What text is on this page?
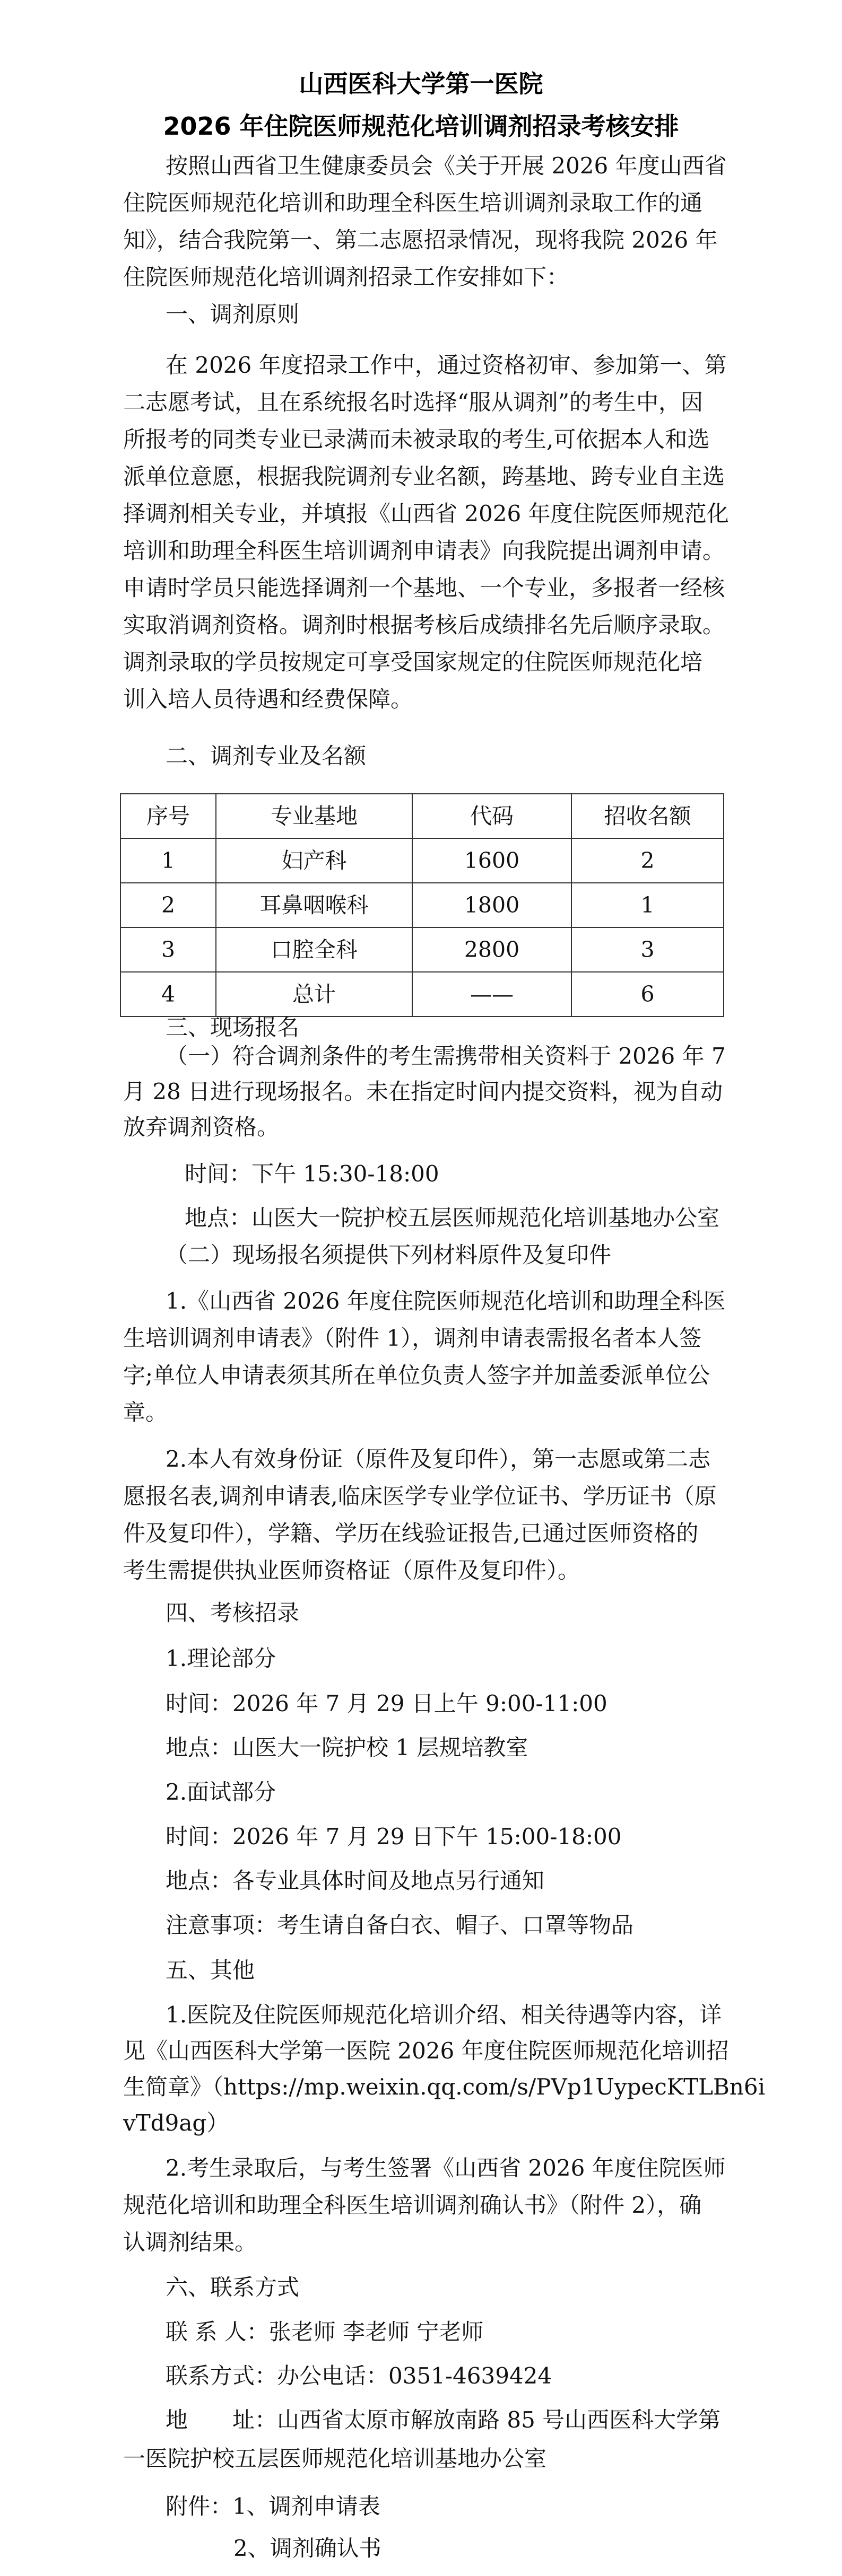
山西医科大学第一医院
2026 年住院医师规范化培训调剂招录考核安排
按照山西省卫生健康委员会《关于开展 2026 年度山西省
住院医师规范化培训和助理全科医生培训调剂录取工作的通
知》，结合我院第一、第二志愿招录情况，现将我院 2026 年
住院医师规范化培训调剂招录工作安排如下：
一、调剂原则
在 2026 年度招录工作中，通过资格初审、参加第一、第
二志愿考试，且在系统报名时选择“服从调剂”的考生中，因
所报考的同类专业已录满而未被录取的考生,可依据本人和选
派单位意愿，根据我院调剂专业名额，跨基地、跨专业自主选
择调剂相关专业，并填报《山西省 2026 年度住院医师规范化
培训和助理全科医生培训调剂申请表》向我院提出调剂申请。
申请时学员只能选择调剂一个基地、一个专业，多报者一经核
实取消调剂资格。调剂时根据考核后成绩排名先后顺序录取。
调剂录取的学员按规定可享受国家规定的住院医师规范化培
训入培人员待遇和经费保障。
二、调剂专业及名额
序号	专业基地	代码	招收名额
1	妇产科	1600	2
2	耳鼻咽喉科	1800	1
3	口腔全科	2800	3
4	总计	——	6
三、现场报名
（一）符合调剂条件的考生需携带相关资料于 2026 年 7
月 28 日进行现场报名。未在指定时间内提交资料，视为自动
放弃调剂资格。
时间：下午 15:30-18:00
地点：山医大一院护校五层医师规范化培训基地办公室
（二）现场报名须提供下列材料原件及复印件
1.《山西省 2026 年度住院医师规范化培训和助理全科医
生培训调剂申请表》（附件 1），调剂申请表需报名者本人签
字;单位人申请表须其所在单位负责人签字并加盖委派单位公
章。
2.本人有效身份证（原件及复印件），第一志愿或第二志
愿报名表,调剂申请表,临床医学专业学位证书、学历证书（原
件及复印件），学籍、学历在线验证报告,已通过医师资格的
考生需提供执业医师资格证（原件及复印件）。
四、考核招录
1.理论部分
时间：2026 年 7 月 29 日上午 9:00-11:00
地点：山医大一院护校 1 层规培教室
2.面试部分
时间：2026 年 7 月 29 日下午 15:00-18:00
地点：各专业具体时间及地点另行通知
注意事项：考生请自备白衣、帽子、口罩等物品
五、其他
1.医院及住院医师规范化培训介绍、相关待遇等内容，详
见《山西医科大学第一医院 2026 年度住院医师规范化培训招
生简章》（https://mp.weixin.qq.com/s/PVp1UypecKTLBn6i
vTd9ag）
2.考生录取后，与考生签署《山西省 2026 年度住院医师
规范化培训和助理全科医生培训调剂确认书》（附件 2），确
认调剂结果。
六、联系方式
联 系 人：张老师 李老师 宁老师
联系方式：办公电话：0351-4639424
地　　址：山西省太原市解放南路 85 号山西医科大学第
一医院护校五层医师规范化培训基地办公室
附件：1、调剂申请表
2、调剂确认书
